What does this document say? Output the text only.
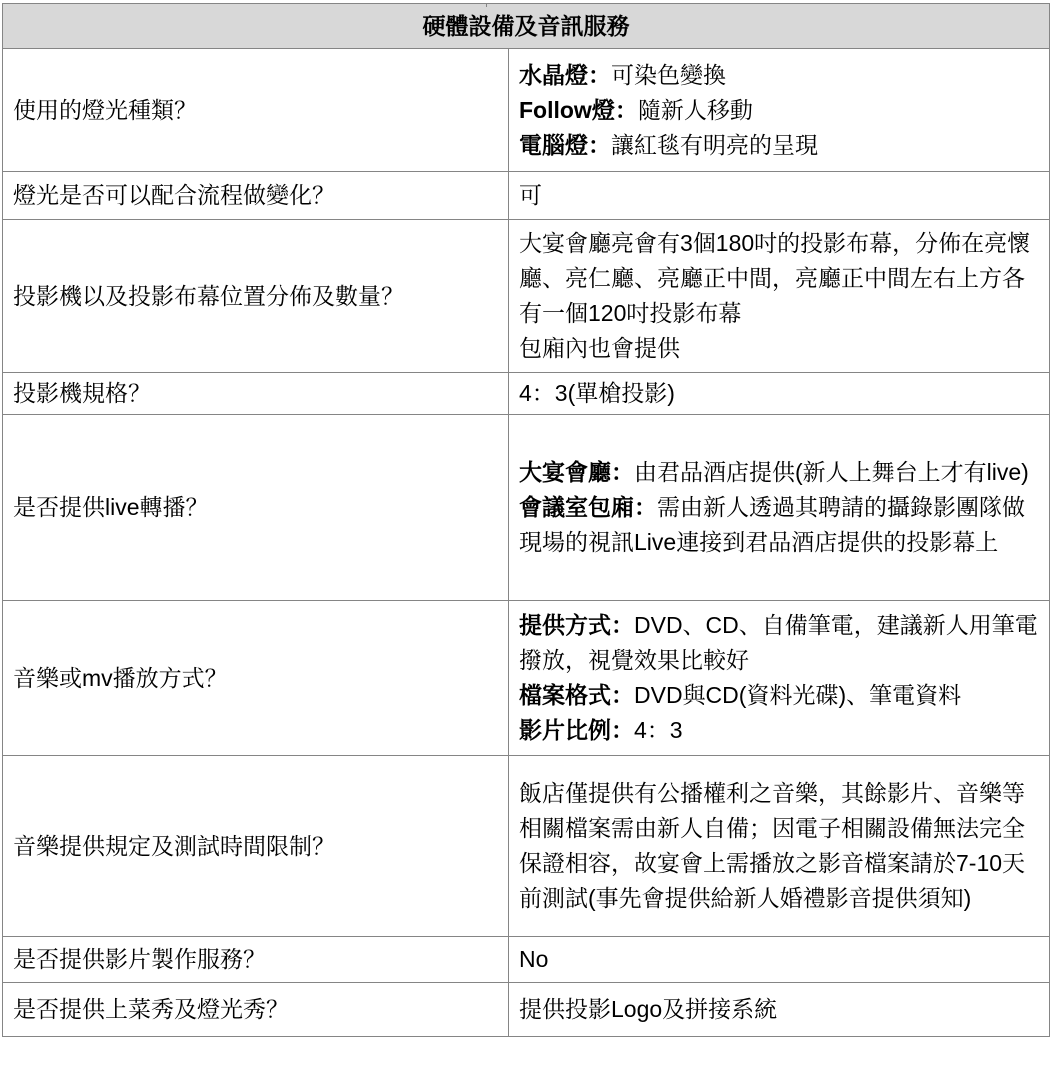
硬體設備及音訊服務	
使用的燈光種類？	水晶燈：可染色變換
Follow燈：隨新人移動
電腦燈：讓紅毯有明亮的呈現

燈光是否可以配合流程做變化？	可

投影機以及投影布幕位置分佈及數量？	大宴會廳亮會有3個180吋的投影布幕，分佈在亮懷廳、亮仁廳、亮廳正中間，亮廳正中間左右上方各有一個120吋投影布幕
包廂內也會提供

投影機規格？	4：3(單槍投影)

是否提供live轉播？	大宴會廳：由君品酒店提供(新人上舞台上才有live)
會議室包廂：需由新人透過其聘請的攝錄影團隊做現場的視訊Live連接到君品酒店提供的投影幕上

音樂或mv播放方式？	提供方式：DVD、CD、自備筆電，建議新人用筆電撥放，視覺效果比較好
檔案格式：DVD與CD(資料光碟)、筆電資料
影片比例：4：3

音樂提供規定及測試時間限制？	飯店僅提供有公播權利之音樂，其餘影片、音樂等相關檔案需由新人自備；因電子相關設備無法完全保證相容，故宴會上需播放之影音檔案請於7-10天前測試(事先會提供給新人婚禮影音提供須知)

是否提供影片製作服務？	No

是否提供上菜秀及燈光秀？	提供投影Logo及拼接系統
